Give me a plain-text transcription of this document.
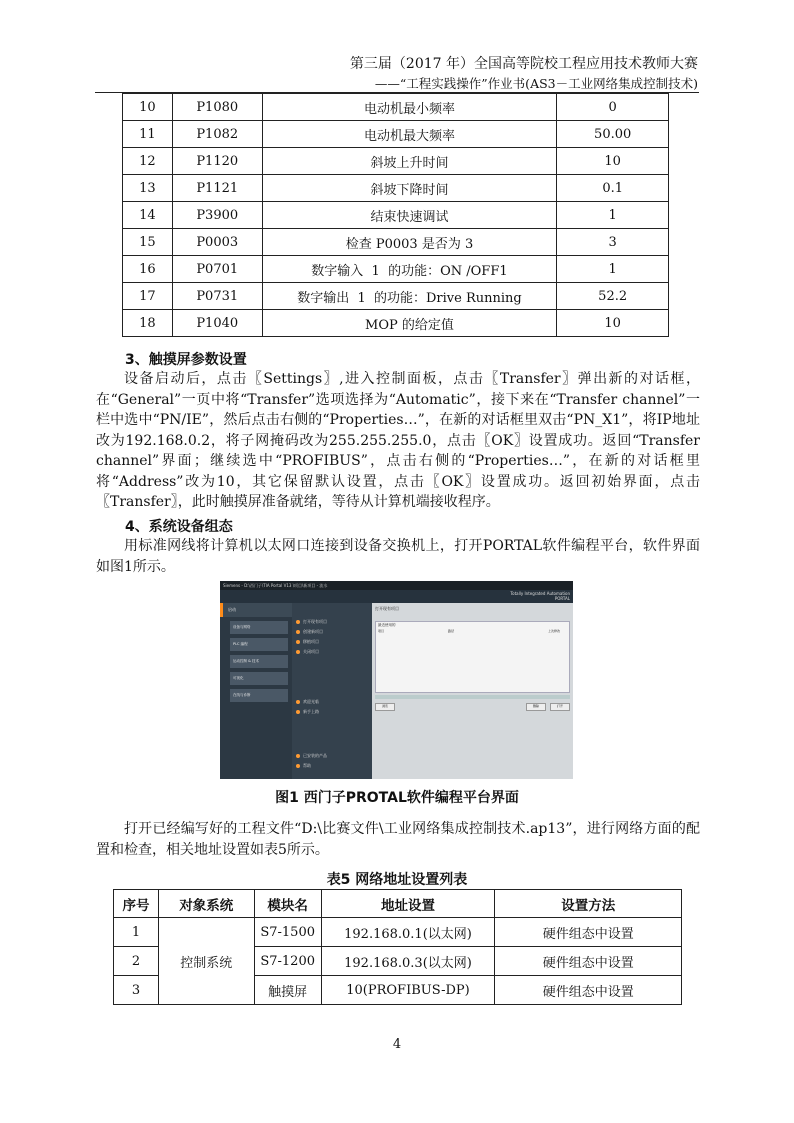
第三届（2017 年）全国高等院校工程应用技术教师大赛
——“工程实践操作”作业书(AS3－工业网络集成控制技术)
10	P1080	电动机最小频率	0
11	P1082	电动机最大频率	50.00
12	P1120	斜坡上升时间	10
13	P1121	斜坡下降时间	0.1
14	P3900	结束快速调试	1
15	P0003	检查 P0003 是否为 3	3
16	P0701	数字输入  1  的功能：ON /OFF1	1
17	P0731	数字输出  1  的功能：Drive Running	52.2
18	P1040	MOP 的给定值	10
3、触摸屏参数设置
设备启动后，点击〖Settings〗,进入控制面板，点击〖Transfer〗弹出新的对话框，在“General”一页中将“Transfer”选项选择为“Automatic”，接下来在“Transfer channel”一栏中选中“PN/IE”，然后点击右侧的“Properties…”，在新的对话框里双击“PN_X1”，将IP地址改为192.168.0.2，将子网掩码改为255.255.255.0，点击〖OK〗设置成功。返回“Transfer channel”界面；继续选中“PROFIBUS”，点击右侧的“Properties…”，在新的对话框里将“Address”改为10，其它保留默认设置，点击〖OK〗设置成功。返回初始界面，点击〖Transfer〗，此时触摸屏准备就绪，等待从计算机端接收程序。
4、系统设备组态
用标准网线将计算机以太网口连接到设备交换机上，打开PORTAL软件编程平台，软件界面如图1所示。
Siemens - D:\西门子\TIA Portal V13 \项目\新项目 - 流水
Totally Integrated Automation
PORTAL
启动
设备与网络
PLC 编程
运动控制 & 技术
可视化
在线与诊断
打开现有项目
创建新项目
移植项目
关闭项目
欢迎光临
新手上路
已安装的产品
帮助
打开现有项目
最近使用的
项目	路径	上次修改
浏览	删除	打开
图1 西门子PROTAL软件编程平台界面
打开已经编写好的工程文件“D:\比赛文件\工业网络集成控制技术.ap13”，进行网络方面的配置和检查，相关地址设置如表5所示。
表5 网络地址设置列表
序号	对象系统	模块名	地址设置	设置方法
1	控制系统	S7-1500	192.168.0.1(以太网)	硬件组态中设置
2		S7-1200	192.168.0.3(以太网)	硬件组态中设置
3		触摸屏	10(PROFIBUS-DP)	硬件组态中设置
4
